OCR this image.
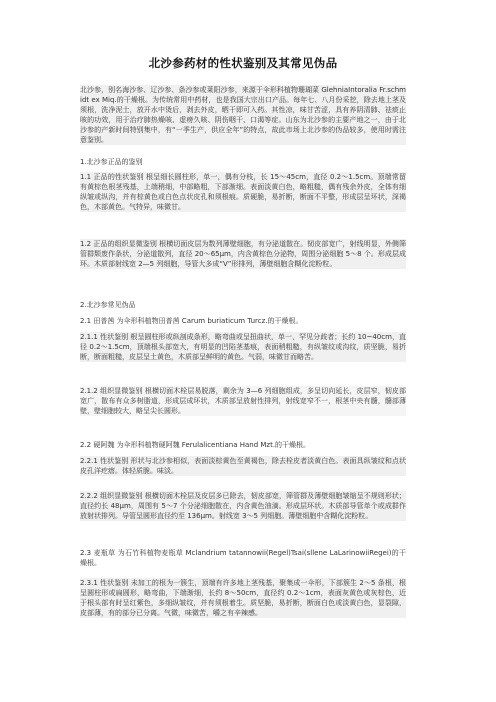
北沙参药材的性状鉴别及其常见伪品
北沙参，别名海沙参、辽沙参、条沙参或莱阳沙参，来源于伞形科植物珊瑚菜 GlehniaIntoralia Fr.schmidt ex Miq.的干燥根。为传统常用中药材，也是我国大宗出口产品。每年七、八月份采挖，除去地上茎及须根，洗净泥土，放开水中烫后，剥去外皮，晒干即可入药。其性凉，味甘苦涩，具有养阴清肺、祛痰止咳的功效，用于治疗肺热燥咳、虚痨久咳、阴伤咽干、口渴等症。山东为北沙参的主要产地之一，由于北沙参的产新时间特别集中，有“一季生产，供应全年”的特点，故此市场上北沙参的伪品较多，使用时需注意鉴别。
1.北沙参正品的鉴别
1.1 正品的性状鉴别 根呈细长圆柱形，单一，偶有分枝，长 15～45cm，直径 0.2～1.5cm。顶端常留有黄棕色根茎残基，上端稍细，中部略粗，下部渐细。表面淡黄白色，略粗糙，偶有残余外皮，全体有细纵皱或纵沟，并有棕黄色或白色点状皮孔和须根痕。质硬脆，易折断，断面不平整，形成层呈环状，深褐色，木部黄色。气特异，味微甘。
1.2 正品的组织显微鉴别 根横切面皮层为数列薄壁细胞，有分泌道散在。韧皮部宽广，射线明显，外侧筛管群颓废作条状，分泌道散列，直径 20～65μm，内含黄棕色分泌物，周围分泌细胞 5～8 个。形成层成环。木质部射线宽 2—5 列细胞，导管大多成“V”形排列，薄壁细胞含糊化淀粉粒。
2.北沙参常见伪品
2.1 田普茜 为伞形科植物田普茜 Carum buriaticum Turcz.的干燥根。
2.1.1 性状鉴别 根呈圆柱形或纵剖成条形，略弯曲或呈扭曲状，单一，罕见分歧者；长约 10~40cm，直径 0.2～1.5cm，顶端根头部宽大，有明显的凹陷茎基痕，表面稍粗糙，有纵皱纹或沟纹，质坚脆，易折断，断面粗糙，皮层呈土黄色，木质部呈鲜明的黄色。气弱，味微甘而略苦。
2.1.2 组织显微鉴别 根横切面木栓层易脱落，剩余为 3—6 列细胞组成，多呈切向延长，皮层窄，韧皮部宽广，散布有众多树脂道，形成层成环状，木质部呈放射性排列，射线宽窄不一，根茎中央有髓，髓部薄壁，壁细胞较大，略呈尖长圆形。
2.2 硬阿魏 为伞形科植物硬阿魏 Ferulalicentiana Hand Mzt.的干燥根。
2.2.1 性状鉴别 形状与北沙参相似，表面淡棕黄色至黄褐色，除去栓皮者淡黄白色。表面具纵皱纹和点状皮孔洋疙瘩。体轻质脆。味淡。
2.2.2 组织显微鉴别 根横切面木栓层及皮层多已除去，韧皮部宽，筛管群及薄壁细胞皱缩呈不规则形状；直径约长 48μm，周围有 5～7 个分泌细胞散在，内含黄色油滴。形成层环状。木质部导管单个或成群作放射状排列。导管呈圆形直径约至 136μm。射线宽 3～5 列细胞。薄壁细胞中含糊化淀粉粒。
2.3 麦瓶草 为石竹科植物麦瓶草 Mclandrium tatannowii(Regel)Tsai(sllene LaLarinowiiRegei)的干燥根。
2.3.1 性状鉴别 未加工的根为一簇生，顶端有许多地上茎残基，聚集成一伞形，下部簇生 2～5 条根，根呈圆柱形或扁圆形，略弯曲，下端渐细，长约 8～50cm，直径约 0.2～1cm，表面灰黄色或灰棕色，近于根头部有时呈红紫色，多细纵皱纹，并有须根着生。质坚脆，易折断，断面白色或淡黄白色，显裂隙，皮部薄，有的部分已分离。气微，味微苦，嚼之有辛辣感。
